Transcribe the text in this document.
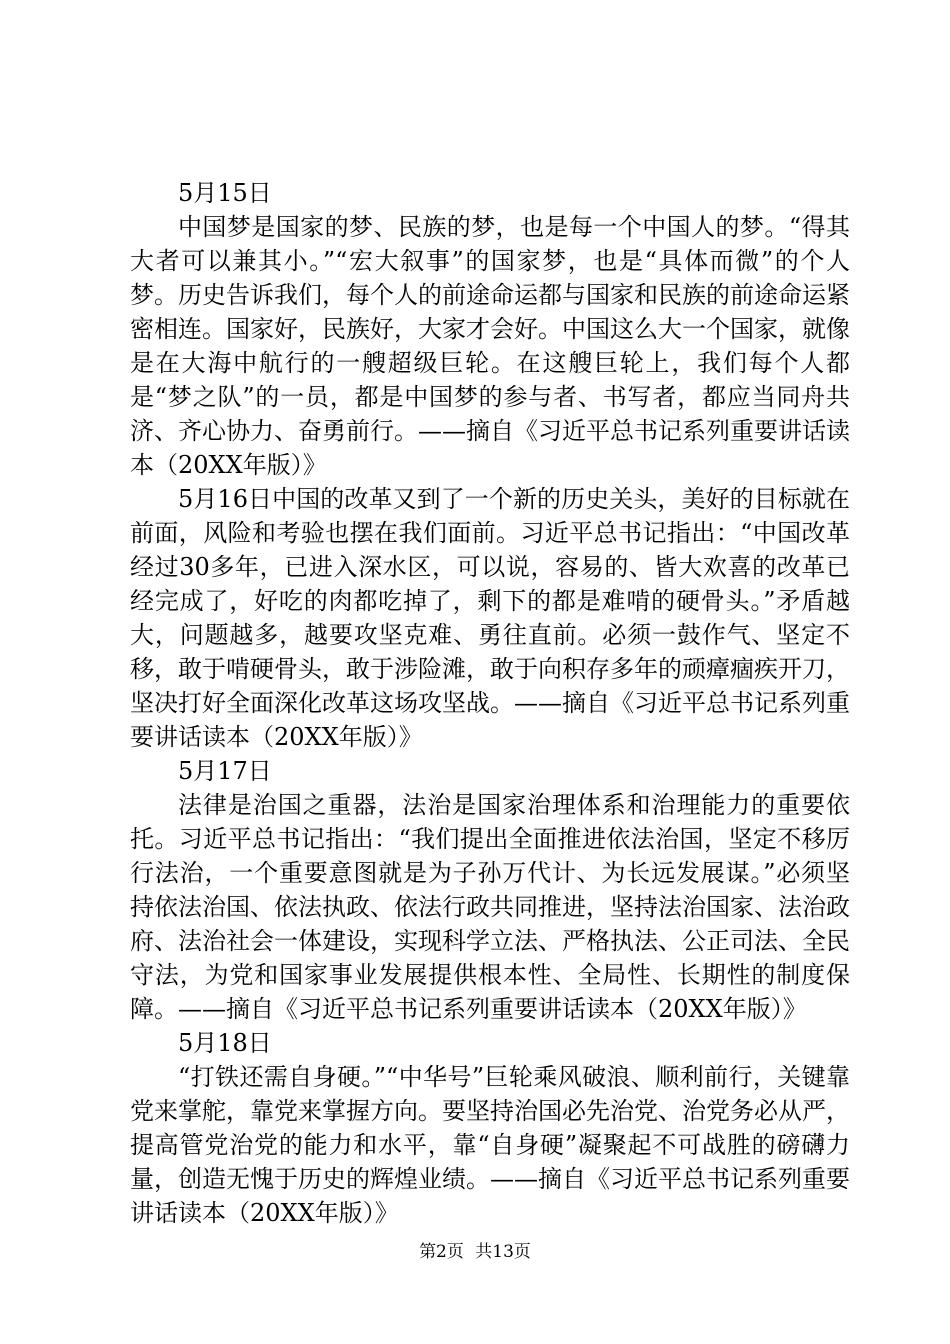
5月15日

中国梦是国家的梦、民族的梦，也是每一个中国人的梦。“得其大者可以兼其小。”“宏大叙事”的国家梦，也是“具体而微”的个人梦。历史告诉我们，每个人的前途命运都与国家和民族的前途命运紧密相连。国家好，民族好，大家才会好。中国这么大一个国家，就像是在大海中航行的一艘超级巨轮。在这艘巨轮上，我们每个人都是“梦之队”的一员，都是中国梦的参与者、书写者，都应当同舟共济、齐心协力、奋勇前行。——摘自《习近平总书记系列重要讲话读本（20XX年版）》

5月16日中国的改革又到了一个新的历史关头，美好的目标就在前面，风险和考验也摆在我们面前。习近平总书记指出：“中国改革经过30多年，已进入深水区，可以说，容易的、皆大欢喜的改革已经完成了，好吃的肉都吃掉了，剩下的都是难啃的硬骨头。”矛盾越大，问题越多，越要攻坚克难、勇往直前。必须一鼓作气、坚定不移，敢于啃硬骨头，敢于涉险滩，敢于向积存多年的顽瘴痼疾开刀，坚决打好全面深化改革这场攻坚战。——摘自《习近平总书记系列重要讲话读本（20XX年版）》

5月17日

法律是治国之重器，法治是国家治理体系和治理能力的重要依托。习近平总书记指出：“我们提出全面推进依法治国，坚定不移厉行法治，一个重要意图就是为子孙万代计、为长远发展谋。”必须坚持依法治国、依法执政、依法行政共同推进，坚持法治国家、法治政府、法治社会一体建设，实现科学立法、严格执法、公正司法、全民守法，为党和国家事业发展提供根本性、全局性、长期性的制度保障。——摘自《习近平总书记系列重要讲话读本（20XX年版）》

5月18日

“打铁还需自身硬。”“中华号”巨轮乘风破浪、顺利前行，关键靠党来掌舵，靠党来掌握方向。要坚持治国必先治党、治党务必从严，提高管党治党的能力和水平，靠“自身硬”凝聚起不可战胜的磅礴力量，创造无愧于历史的辉煌业绩。——摘自《习近平总书记系列重要讲话读本（20XX年版）》

第2页 共13页
